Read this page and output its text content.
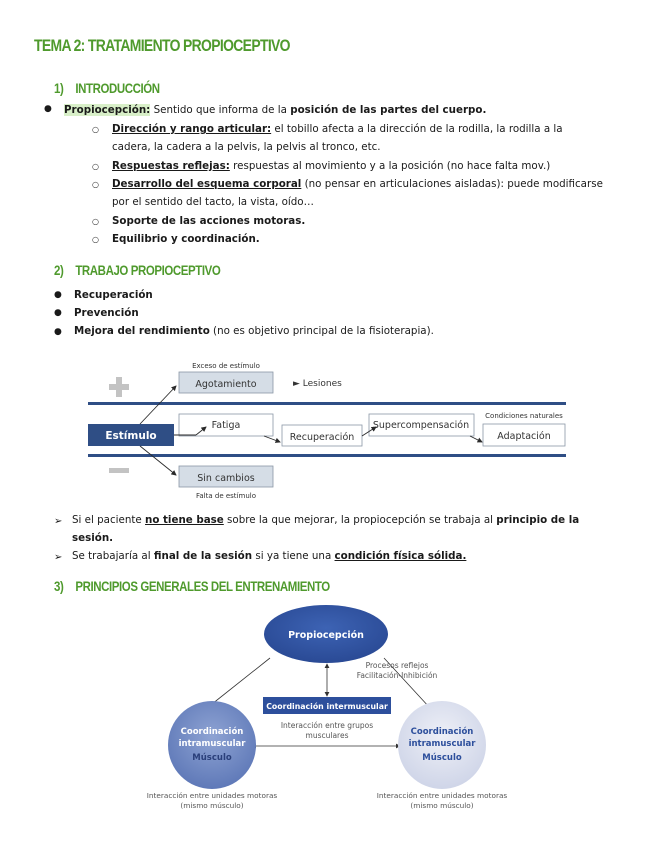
TEMA 2: TRATAMIENTO PROPIOCEPTIVO
1) INTRODUCCIÓN
● Propiocepción: Sentido que informa de la posición de las partes del cuerpo.
○ Dirección y rango articular: el tobillo afecta a la dirección de la rodilla, la rodilla a la
cadera, la cadera a la pelvis, la pelvis al tronco, etc.
○ Respuestas reflejas: respuestas al movimiento y a la posición (no hace falta mov.)
○ Desarrollo del esquema corporal (no pensar en articulaciones aisladas): puede modificarse
por el sentido del tacto, la vista, oído…
○ Soporte de las acciones motoras.
○ Equilibrio y coordinación.
2) TRABAJO PROPIOCEPTIVO
● Recuperación
● Prevención
● Mejora del rendimiento (no es objetivo principal de la fisioterapia).
Estímulo
Exceso de estímulo
Agotamiento	► Lesiones
Fatiga
Recuperación
Supercompensación
Condiciones naturales
Adaptación
Sin cambios
Falta de estímulo
➢ Si el paciente no tiene base sobre la que mejorar, la propiocepción se trabaja al principio de la
sesión.
➢ Se trabajaría al final de la sesión si ya tiene una condición física sólida.
3) PRINCIPIOS GENERALES DEL ENTRENAMIENTO
Propiocepción
Procesos reflejos
Facilitación-Inhibición
Coordinación intermuscular
Interacción entre grupos
musculares
Coordinación
intramuscular
Músculo
Coordinación
intramuscular
Músculo
Interacción entre unidades motoras
(mismo músculo)
Interacción entre unidades motoras
(mismo músculo)
